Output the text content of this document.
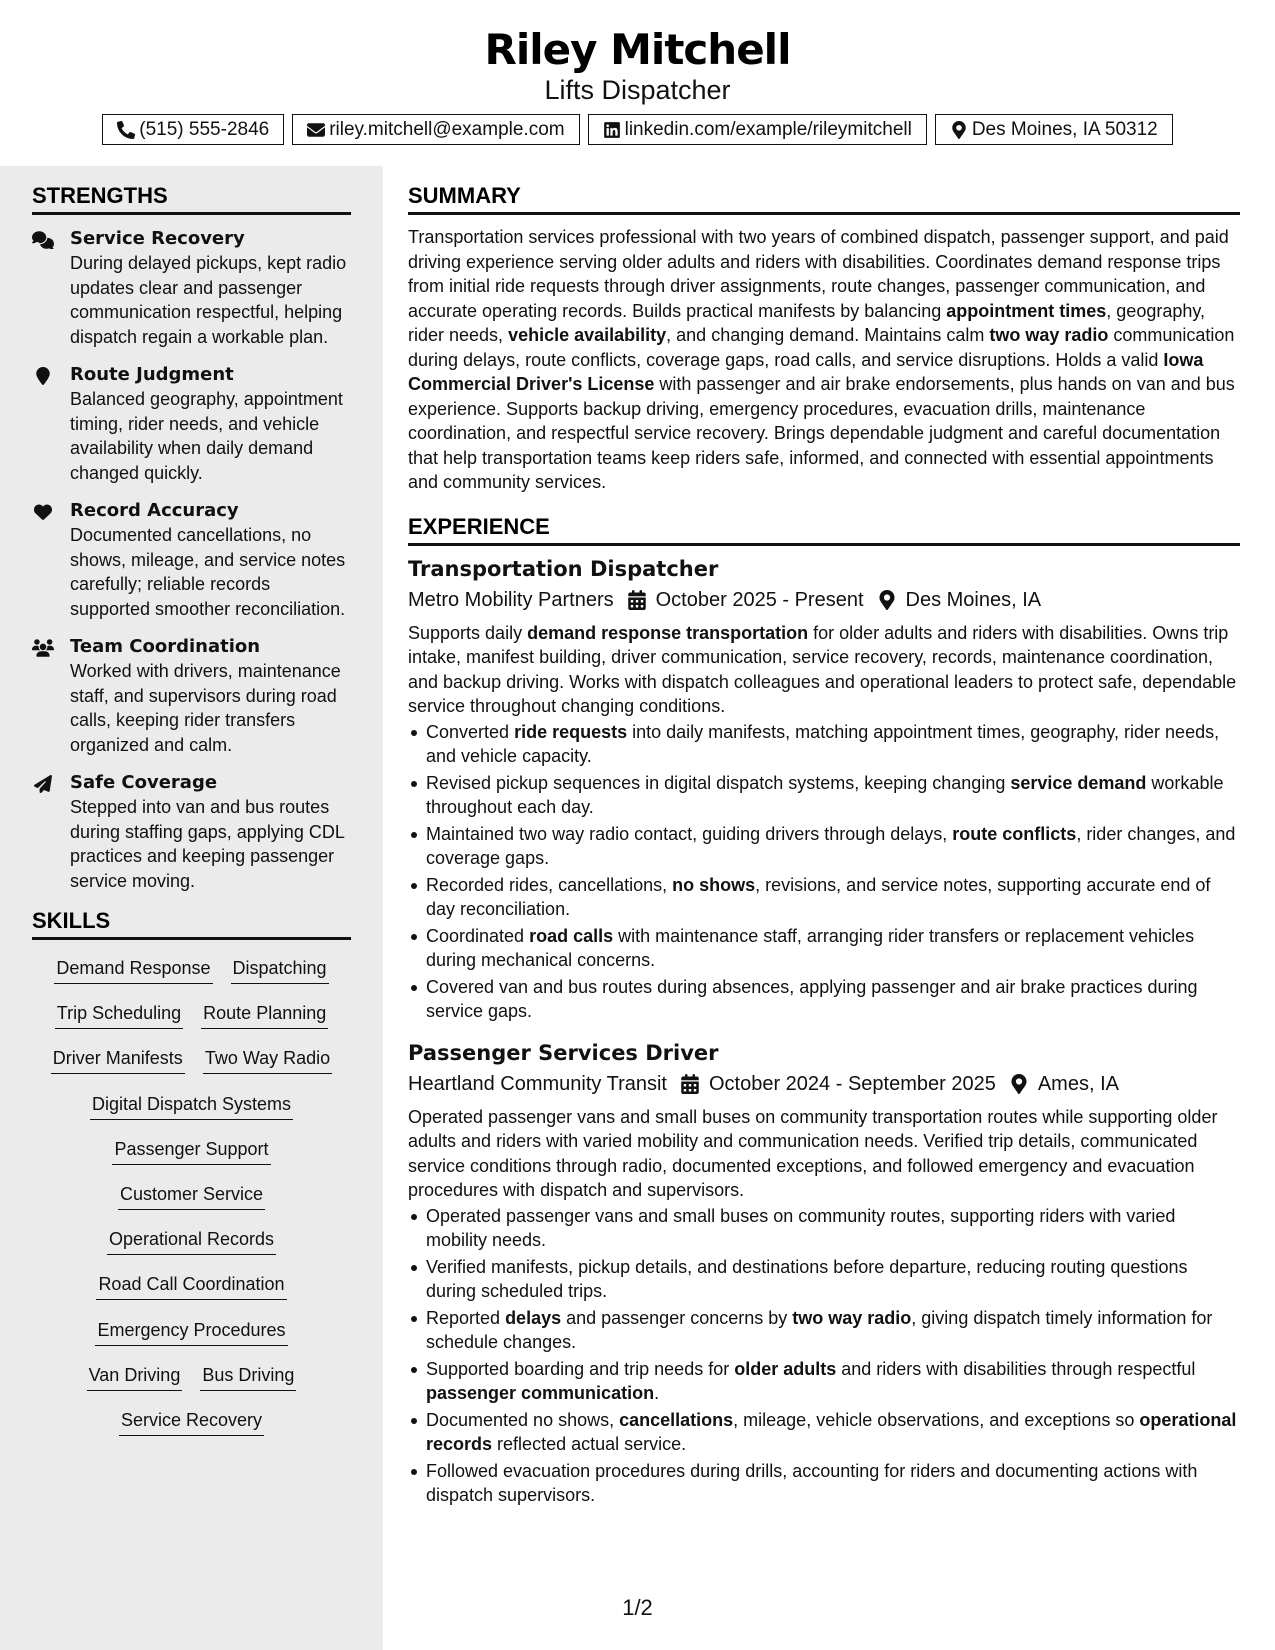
Riley Mitchell
Lifts Dispatcher
(515) 555-2846	riley.mitchell@example.com	linkedin.com/example/rileymitchell	Des Moines, IA 50312
STRENGTHS
Service Recovery
During delayed pickups, kept radio updates clear and passenger communication respectful, helping dispatch regain a workable plan.
Route Judgment
Balanced geography, appointment timing, rider needs, and vehicle availability when daily demand changed quickly.
Record Accuracy
Documented cancellations, no shows, mileage, and service notes carefully; reliable records supported smoother reconciliation.
Team Coordination
Worked with drivers, maintenance staff, and supervisors during road calls, keeping rider transfers organized and calm.
Safe Coverage
Stepped into van and bus routes during staffing gaps, applying CDL practices and keeping passenger service moving.
SKILLS
Demand Response Dispatching
Trip Scheduling Route Planning
Driver Manifests Two Way Radio
Digital Dispatch Systems
Passenger Support
Customer Service
Operational Records
Road Call Coordination
Emergency Procedures
Van Driving Bus Driving
Service Recovery
SUMMARY
Transportation services professional with two years of combined dispatch, passenger support, and paid driving experience serving older adults and riders with disabilities. Coordinates demand response trips from initial ride requests through driver assignments, route changes, passenger communication, and accurate operating records. Builds practical manifests by balancing appointment times, geography, rider needs, vehicle availability, and changing demand. Maintains calm two way radio communication during delays, route conflicts, coverage gaps, road calls, and service disruptions. Holds a valid Iowa Commercial Driver's License with passenger and air brake endorsements, plus hands on van and bus experience. Supports backup driving, emergency procedures, evacuation drills, maintenance coordination, and respectful service recovery. Brings dependable judgment and careful documentation that help transportation teams keep riders safe, informed, and connected with essential appointments and community services.
EXPERIENCE
Transportation Dispatcher
Metro Mobility Partners October 2025 - Present Des Moines, IA
Supports daily demand response transportation for older adults and riders with disabilities. Owns trip intake, manifest building, driver communication, service recovery, records, maintenance coordination, and backup driving. Works with dispatch colleagues and operational leaders to protect safe, dependable service throughout changing conditions.
Converted ride requests into daily manifests, matching appointment times, geography, rider needs, and vehicle capacity.
Revised pickup sequences in digital dispatch systems, keeping changing service demand workable throughout each day.
Maintained two way radio contact, guiding drivers through delays, route conflicts, rider changes, and coverage gaps.
Recorded rides, cancellations, no shows, revisions, and service notes, supporting accurate end of day reconciliation.
Coordinated road calls with maintenance staff, arranging rider transfers or replacement vehicles during mechanical concerns.
Covered van and bus routes during absences, applying passenger and air brake practices during service gaps.
Passenger Services Driver
Heartland Community Transit October 2024 - September 2025 Ames, IA
Operated passenger vans and small buses on community transportation routes while supporting older adults and riders with varied mobility and communication needs. Verified trip details, communicated service conditions through radio, documented exceptions, and followed emergency and evacuation procedures with dispatch and supervisors.
Operated passenger vans and small buses on community routes, supporting riders with varied mobility needs.
Verified manifests, pickup details, and destinations before departure, reducing routing questions during scheduled trips.
Reported delays and passenger concerns by two way radio, giving dispatch timely information for schedule changes.
Supported boarding and trip needs for older adults and riders with disabilities through respectful passenger communication.
Documented no shows, cancellations, mileage, vehicle observations, and exceptions so operational records reflected actual service.
Followed evacuation procedures during drills, accounting for riders and documenting actions with dispatch supervisors.
1/2
